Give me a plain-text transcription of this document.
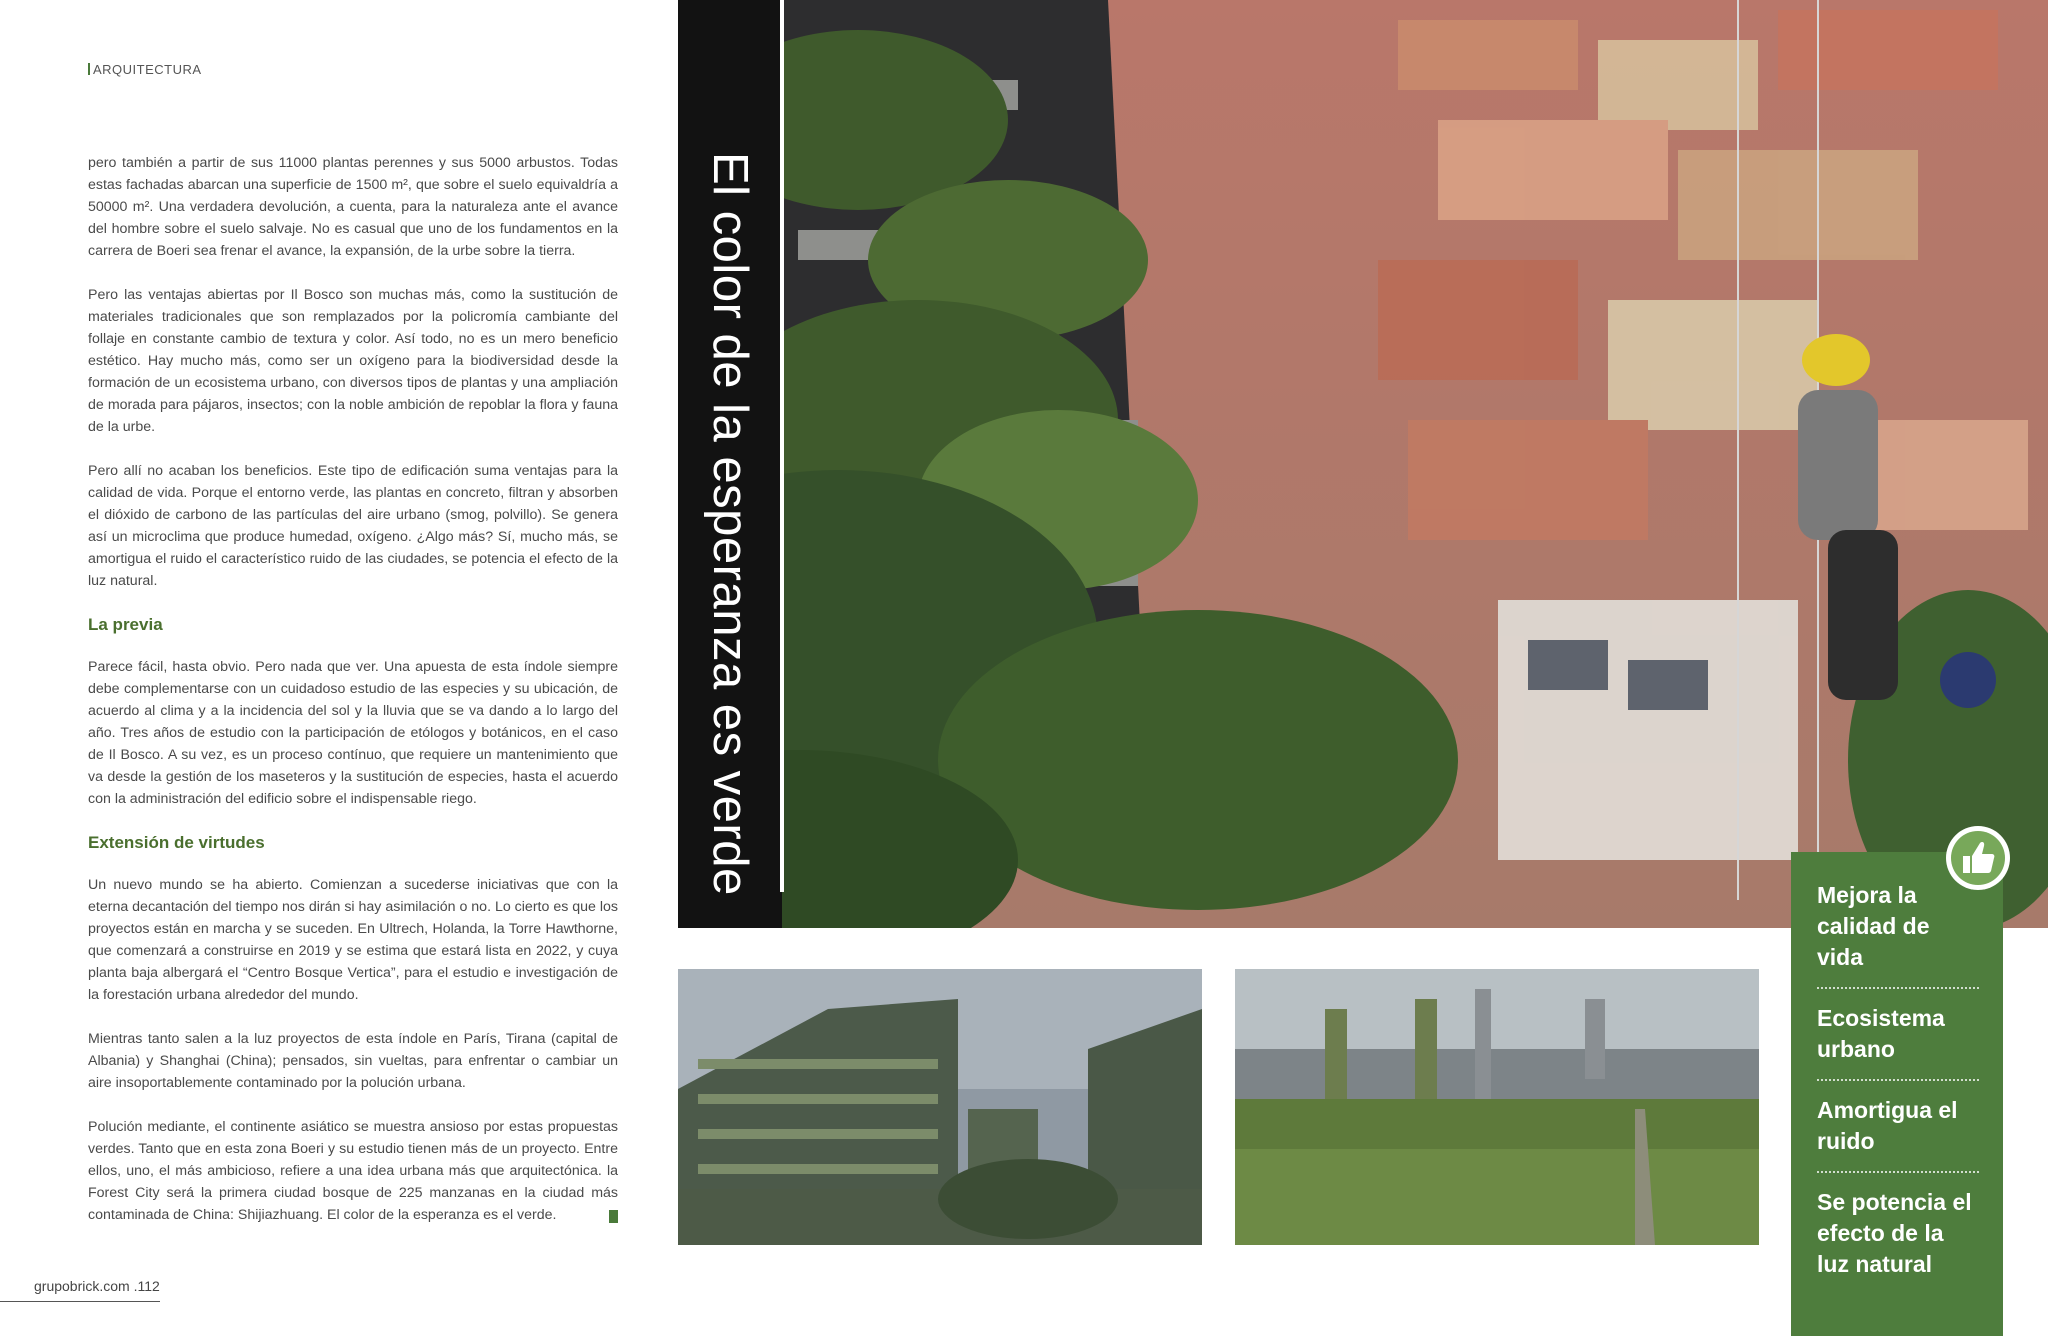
ARQUITECTURA

pero también a partir de sus 11000 plantas perennes y sus 5000 arbustos. Todas estas fachadas abarcan una superficie de 1500 m², que sobre el suelo equivaldría a 50000 m². Una verdadera devolución, a cuenta, para la naturaleza ante el avance del hombre sobre el suelo salvaje. No es casual que uno de los fundamentos en la carrera de Boeri sea frenar el avance, la expansión, de la urbe sobre la tierra.

Pero las ventajas abiertas por Il Bosco son muchas más, como la sustitución de materiales tradicionales que son remplazados por la policromía cambiante del follaje en constante cambio de textura y color. Así todo, no es un mero beneficio estético. Hay mucho más, como ser un oxígeno para la biodiversidad desde la formación de un ecosistema urbano, con diversos tipos de plantas y una ampliación de morada para pájaros, insectos; con la noble ambición de repoblar la flora y fauna de la urbe.

Pero allí no acaban los beneficios. Este tipo de edificación suma ventajas para la calidad de vida. Porque el entorno verde, las plantas en concreto, filtran y absorben el dióxido de carbono de las partículas del aire urbano (smog, polvillo). Se genera así un microclima que produce humedad, oxígeno. ¿Algo más? Sí, mucho más, se amortigua el ruido el característico ruido de las ciudades, se potencia el efecto de la luz natural.

La previa

Parece fácil, hasta obvio. Pero nada que ver. Una apuesta de esta índole siempre debe complementarse con un cuidadoso estudio de las especies y su ubicación, de acuerdo al clima y a la incidencia del sol y la lluvia que se va dando a lo largo del año. Tres años de estudio con la participación de etólogos y botánicos, en el caso de Il Bosco. A su vez, es un proceso contínuo, que requiere un mantenimiento que va desde la gestión de los maseteros y la sustitución de especies, hasta el acuerdo con la administración del edificio sobre el indispensable riego.

Extensión de virtudes

Un nuevo mundo se ha abierto. Comienzan a sucederse iniciativas que con la eterna decantación del tiempo nos dirán si hay asimilación o no. Lo cierto es que los proyectos están en marcha y se suceden. En Ultrech, Holanda, la Torre Hawthorne, que comenzará a construirse en 2019 y se estima que estará lista en 2022, y cuya planta baja albergará el “Centro Bosque Vertica”, para el estudio e investigación de la forestación urbana alrededor del mundo.

Mientras tanto salen a la luz proyectos de esta índole en París, Tirana (capital de Albania) y Shanghai (China); pensados, sin vueltas, para enfrentar o cambiar un aire insoportablemente contaminado por la polución urbana.

Polución mediante, el continente asiático se muestra ansioso por estas propuestas verdes. Tanto que en esta zona Boeri y su estudio tienen más de un proyecto. Entre ellos, uno, el más ambicioso, refiere a una idea urbana más que arquitectónica. la Forest City será la primera ciudad bosque de 225 manzanas en la ciudad más contaminada de China: Shijiazhuang. El color de la esperanza es el verde.

grupobrick.com .112
El color de la esperanza es verde	Mejora la calidad de vida
Ecosistema urbano
Amortigua el ruido
Se potencia el efecto de la luz natural
